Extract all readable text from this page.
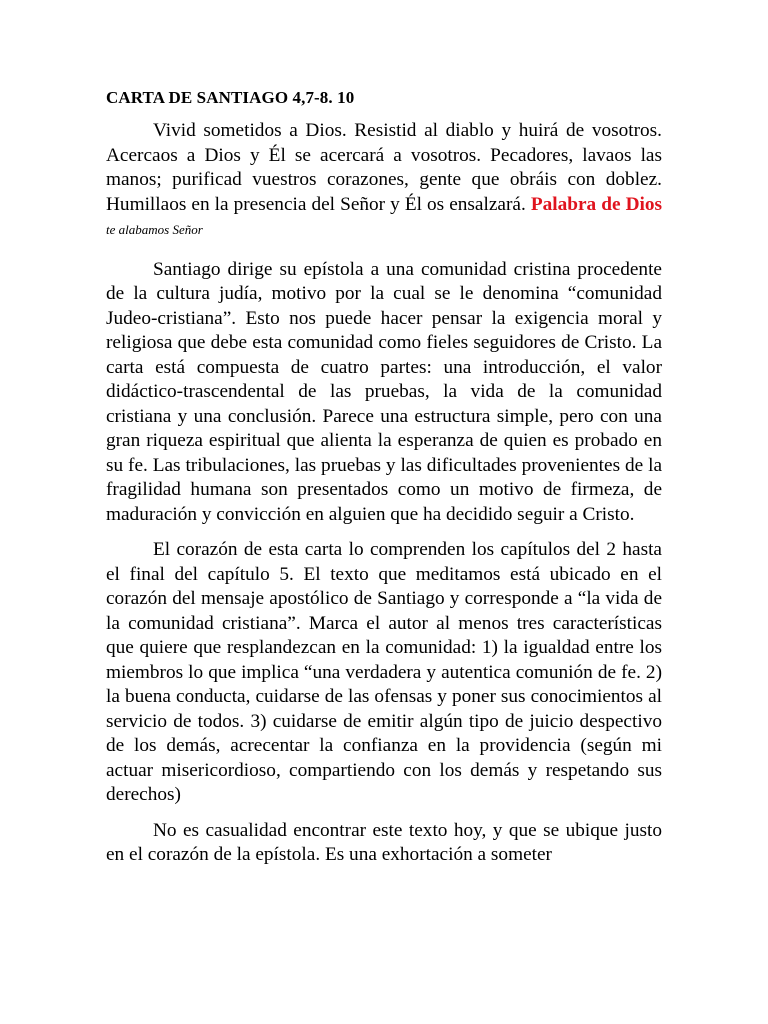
CARTA DE SANTIAGO 4,7-8. 10

Vivid sometidos a Dios. Resistid al diablo y huirá de vosotros. Acercaos a Dios y Él se acercará a vosotros. Pecadores, lavaos las manos; purificad vuestros corazones, gente que obráis con doblez. Humillaos en la presencia del Señor y Él os ensalzará. Palabra de Dios te alabamos Señor

Santiago dirige su epístola a una comunidad cristina procedente de la cultura judía, motivo por la cual se le denomina “comunidad Judeo-cristiana”. Esto nos puede hacer pensar la exigencia moral y religiosa que debe esta comunidad como fieles seguidores de Cristo. La carta está compuesta de cuatro partes: una introducción, el valor didáctico-trascendental de las pruebas, la vida de la comunidad cristiana y una conclusión. Parece una estructura simple, pero con una gran riqueza espiritual que alienta la esperanza de quien es probado en su fe. Las tribulaciones, las pruebas y las dificultades provenientes de la fragilidad humana son presentados como un motivo de firmeza, de maduración y convicción en alguien que ha decidido seguir a Cristo.

El corazón de esta carta lo comprenden los capítulos del 2 hasta el final del capítulo 5. El texto que meditamos está ubicado en el corazón del mensaje apostólico de Santiago y corresponde a “la vida de la comunidad cristiana”. Marca el autor al menos tres características que quiere que resplandezcan en la comunidad: 1) la igualdad entre los miembros lo que implica “una verdadera y autentica comunión de fe. 2) la buena conducta, cuidarse de las ofensas y poner sus conocimientos al servicio de todos. 3) cuidarse de emitir algún tipo de juicio despectivo de los demás, acrecentar la confianza en la providencia (según mi actuar misericordioso, compartiendo con los demás y respetando sus derechos)

No es casualidad encontrar este texto hoy, y que se ubique justo en el corazón de la epístola. Es una exhortación a someter
